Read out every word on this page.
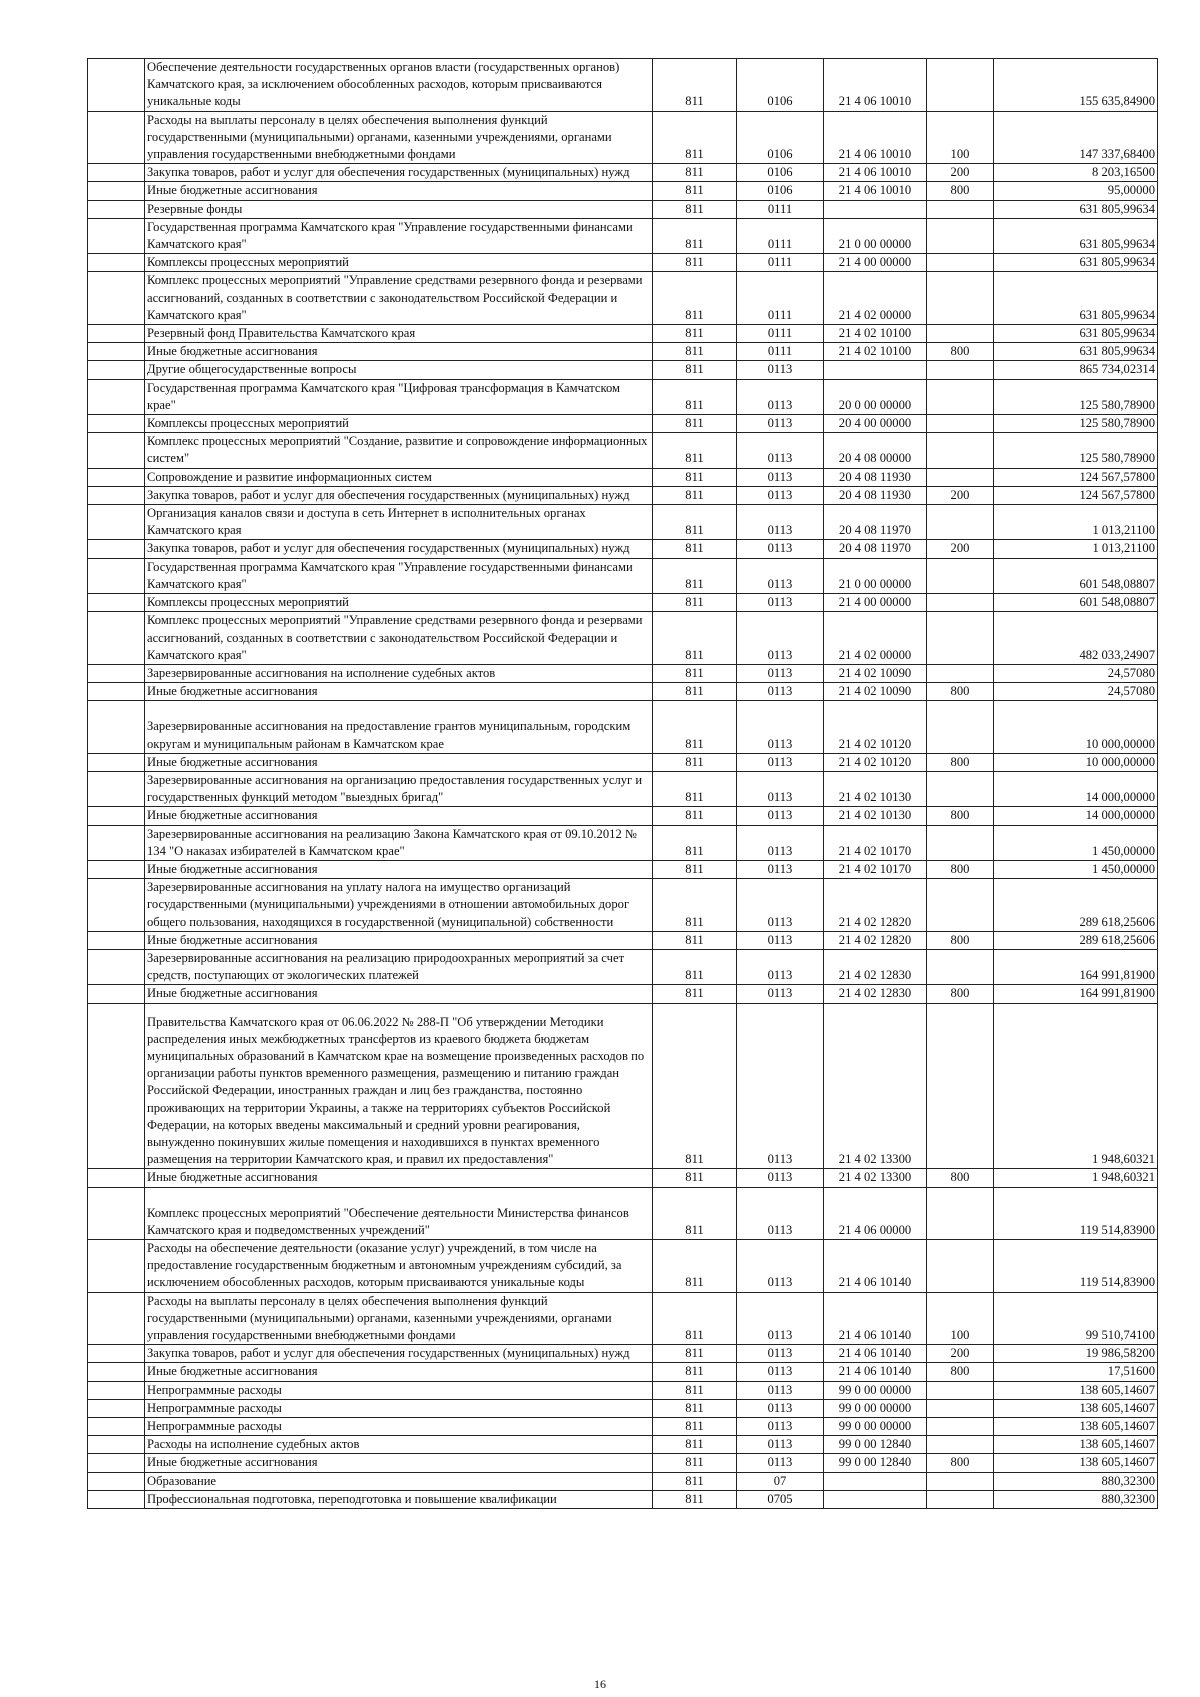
	Обеспечение деятельности государственных органов власти (государственных органов) Камчатского края, за исключением обособленных расходов, которым присваиваются уникальные коды	811	0106	21 4 06 10010		155 635,84900
	Расходы на выплаты персоналу в целях обеспечения выполнения функций государственными (муниципальными) органами, казенными учреждениями, органами управления государственными внебюджетными фондами	811	0106	21 4 06 10010	100	147 337,68400
	Закупка товаров, работ и услуг для обеспечения государственных (муниципальных) нужд	811	0106	21 4 06 10010	200	8 203,16500
	Иные бюджетные ассигнования	811	0106	21 4 06 10010	800	95,00000
	Резервные фонды	811	0111			631 805,99634
	Государственная программа Камчатского края "Управление государственными финансами Камчатского края"	811	0111	21 0 00 00000		631 805,99634
	Комплексы процессных мероприятий	811	0111	21 4 00 00000		631 805,99634
	Комплекс процессных мероприятий "Управление средствами резервного фонда и резервами ассигнований, созданных в соответствии с законодательством Российской Федерации и Камчатского края"	811	0111	21 4 02 00000		631 805,99634
	Резервный фонд Правительства Камчатского края	811	0111	21 4 02 10100		631 805,99634
	Иные бюджетные ассигнования	811	0111	21 4 02 10100	800	631 805,99634
	Другие общегосударственные вопросы	811	0113			865 734,02314
	Государственная программа Камчатского края "Цифровая трансформация в Камчатском крае"	811	0113	20 0 00 00000		125 580,78900
	Комплексы процессных мероприятий	811	0113	20 4 00 00000		125 580,78900
	Комплекс процессных мероприятий "Создание, развитие и сопровождение информационных систем"	811	0113	20 4 08 00000		125 580,78900
	Сопровождение и развитие информационных систем	811	0113	20 4 08 11930		124 567,57800
	Закупка товаров, работ и услуг для обеспечения государственных (муниципальных) нужд	811	0113	20 4 08 11930	200	124 567,57800
	Организация каналов связи и доступа в сеть Интернет в исполнительных органах Камчатского края	811	0113	20 4 08 11970		1 013,21100
	Закупка товаров, работ и услуг для обеспечения государственных (муниципальных) нужд	811	0113	20 4 08 11970	200	1 013,21100
	Государственная программа Камчатского края "Управление государственными финансами Камчатского края"	811	0113	21 0 00 00000		601 548,08807
	Комплексы процессных мероприятий	811	0113	21 4 00 00000		601 548,08807
	Комплекс процессных мероприятий "Управление средствами резервного фонда и резервами ассигнований, созданных в соответствии с законодательством Российской Федерации и Камчатского края"	811	0113	21 4 02 00000		482 033,24907
	Зарезервированные ассигнования на исполнение судебных актов	811	0113	21 4 02 10090		24,57080
	Иные бюджетные ассигнования	811	0113	21 4 02 10090	800	24,57080
	Зарезервированные ассигнования на предоставление грантов муниципальным, городским округам и муниципальным районам в Камчатском крае	811	0113	21 4 02 10120		10 000,00000
	Иные бюджетные ассигнования	811	0113	21 4 02 10120	800	10 000,00000
	Зарезервированные ассигнования на организацию предоставления государственных услуг и государственных функций методом "выездных бригад"	811	0113	21 4 02 10130		14 000,00000
	Иные бюджетные ассигнования	811	0113	21 4 02 10130	800	14 000,00000
	Зарезервированные ассигнования на реализацию Закона Камчатского края от 09.10.2012 № 134 "О наказах избирателей в Камчатском крае"	811	0113	21 4 02 10170		1 450,00000
	Иные бюджетные ассигнования	811	0113	21 4 02 10170	800	1 450,00000
	Зарезервированные ассигнования на уплату налога на имущество организаций государственными (муниципальными) учреждениями в отношении автомобильных дорог общего пользования, находящихся в государственной (муниципальной) собственности	811	0113	21 4 02 12820		289 618,25606
	Иные бюджетные ассигнования	811	0113	21 4 02 12820	800	289 618,25606
	Зарезервированные ассигнования на реализацию природоохранных мероприятий за счет средств, поступающих от экологических платежей	811	0113	21 4 02 12830		164 991,81900
	Иные бюджетные ассигнования	811	0113	21 4 02 12830	800	164 991,81900
	Правительства Камчатского края от 06.06.2022 № 288-П "Об утверждении Методики распределения иных межбюджетных трансфертов из краевого бюджета бюджетам муниципальных образований в Камчатском крае на возмещение произведенных расходов по организации работы пунктов временного размещения, размещению и питанию граждан Российской Федерации, иностранных граждан и лиц без гражданства, постоянно проживающих на территории Украины, а также на территориях субъектов Российской Федерации, на которых введены максимальный и средний уровни реагирования, вынужденно покинувших жилые помещения и находившихся в пунктах временного размещения на территории Камчатского края, и правил их предоставления"	811	0113	21 4 02 13300		1 948,60321
	Иные бюджетные ассигнования	811	0113	21 4 02 13300	800	1 948,60321
	Комплекс процессных мероприятий "Обеспечение деятельности Министерства финансов Камчатского края и подведомственных учреждений"	811	0113	21 4 06 00000		119 514,83900
	Расходы на обеспечение деятельности (оказание услуг) учреждений, в том числе на предоставление государственным бюджетным и автономным учреждениям субсидий, за исключением обособленных расходов, которым присваиваются уникальные коды	811	0113	21 4 06 10140		119 514,83900
	Расходы на выплаты персоналу в целях обеспечения выполнения функций государственными (муниципальными) органами, казенными учреждениями, органами управления государственными внебюджетными фондами	811	0113	21 4 06 10140	100	99 510,74100
	Закупка товаров, работ и услуг для обеспечения государственных (муниципальных) нужд	811	0113	21 4 06 10140	200	19 986,58200
	Иные бюджетные ассигнования	811	0113	21 4 06 10140	800	17,51600
	Непрограммные расходы	811	0113	99 0 00 00000		138 605,14607
	Непрограммные расходы	811	0113	99 0 00 00000		138 605,14607
	Непрограммные расходы	811	0113	99 0 00 00000		138 605,14607
	Расходы на исполнение судебных актов	811	0113	99 0 00 12840		138 605,14607
	Иные бюджетные ассигнования	811	0113	99 0 00 12840	800	138 605,14607
	Образование	811	07			880,32300
	Профессиональная подготовка, переподготовка и повышение квалификации	811	0705			880,32300
16
